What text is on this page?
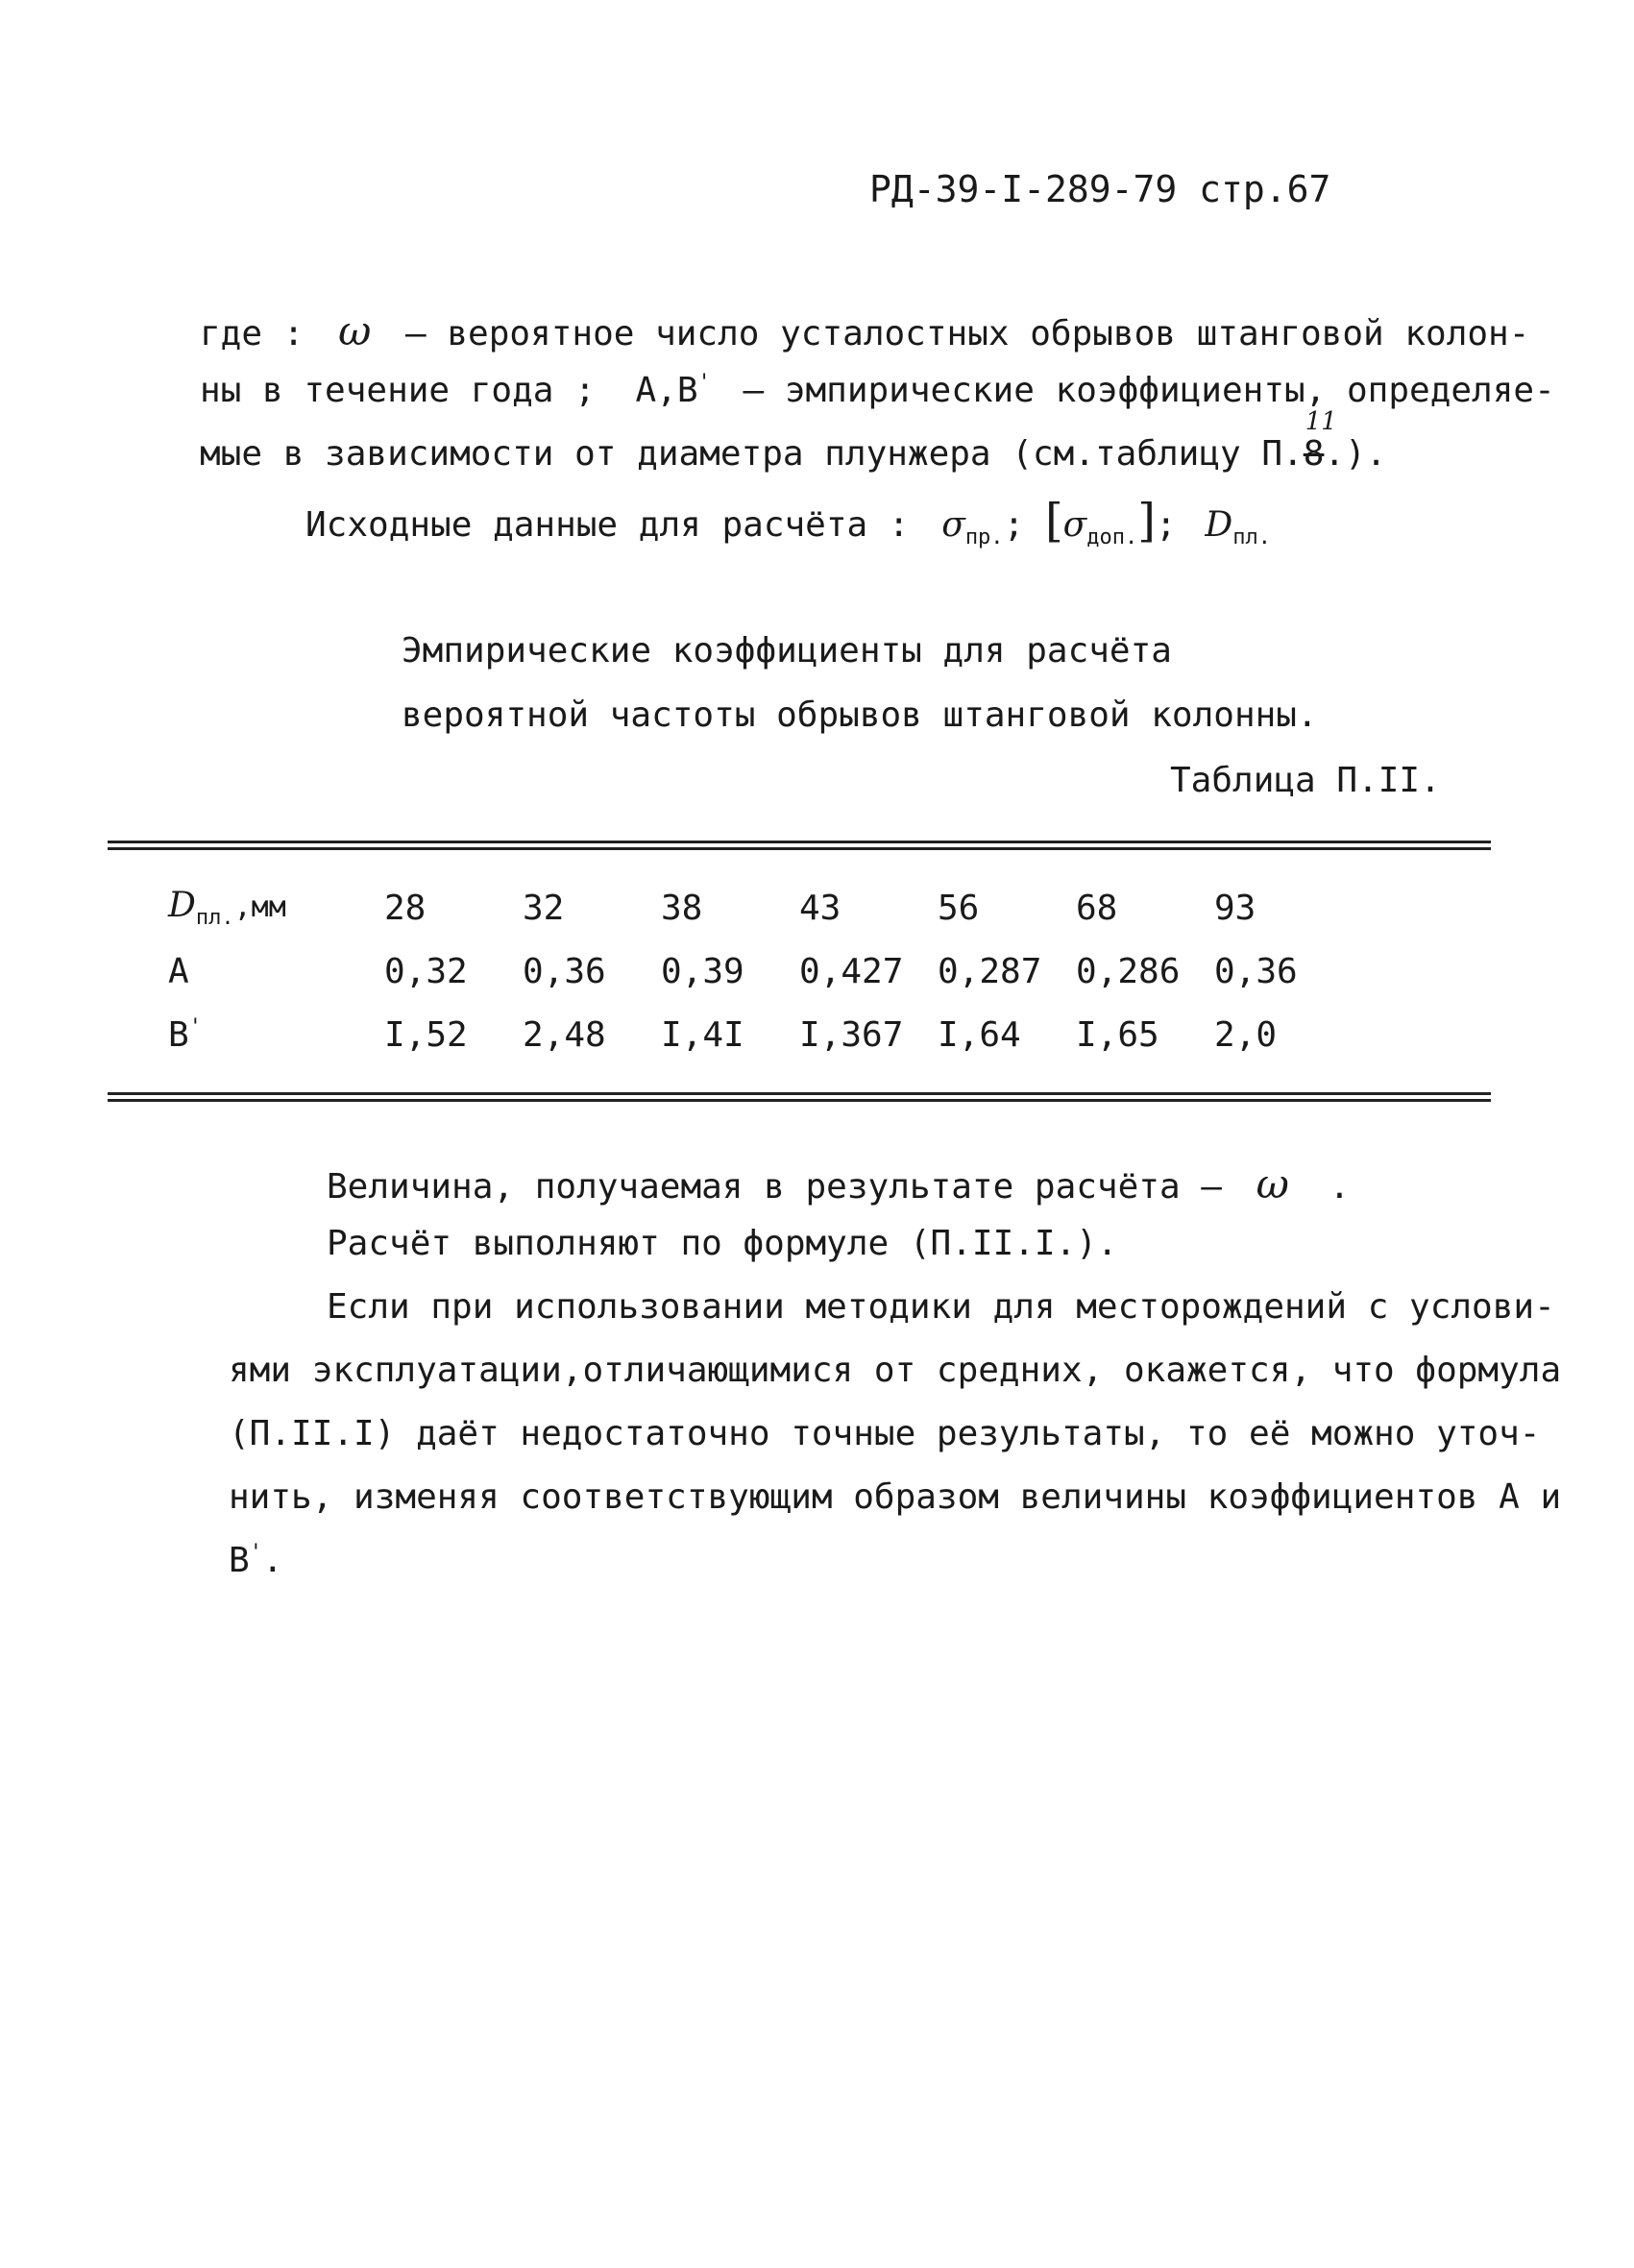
РД-39-I-289-79 стр.67
где : ω – вероятное число усталостных обрывов штанговой колон-
ны в течение года ; A,B' – эмпирические коэффициенты, определяе-
мые в зависимости от диаметра плунжера (см.таблицу П.8
11
.).
Исходные данные для расчёта : $\sigma_{пр.}$; $[\sigma_{доп.}]$; $D_{пл.}$
Эмпирические коэффициенты для расчёта
вероятной частоты обрывов штанговой колонны.
Таблица П.II.
$D_{пл.},мм$	28	32	38	43	56	68	93
A	0,32	0,36	0,39	0,427	0,287	0,286	0,36
B'	I,52	2,48	I,4I	I,367	I,64	I,65	2,0
Величина, получаемая в результате расчёта – ω .
Расчёт выполняют по формуле (П.II.I.).
Если при использовании методики для месторождений с услови-
ями эксплуатации,отличающимися от средних, окажется, что формула
(П.II.I) даёт недостаточно точные результаты, то её можно уточ-
нить, изменяя соответствующим образом величины коэффициентов A и
B'.
